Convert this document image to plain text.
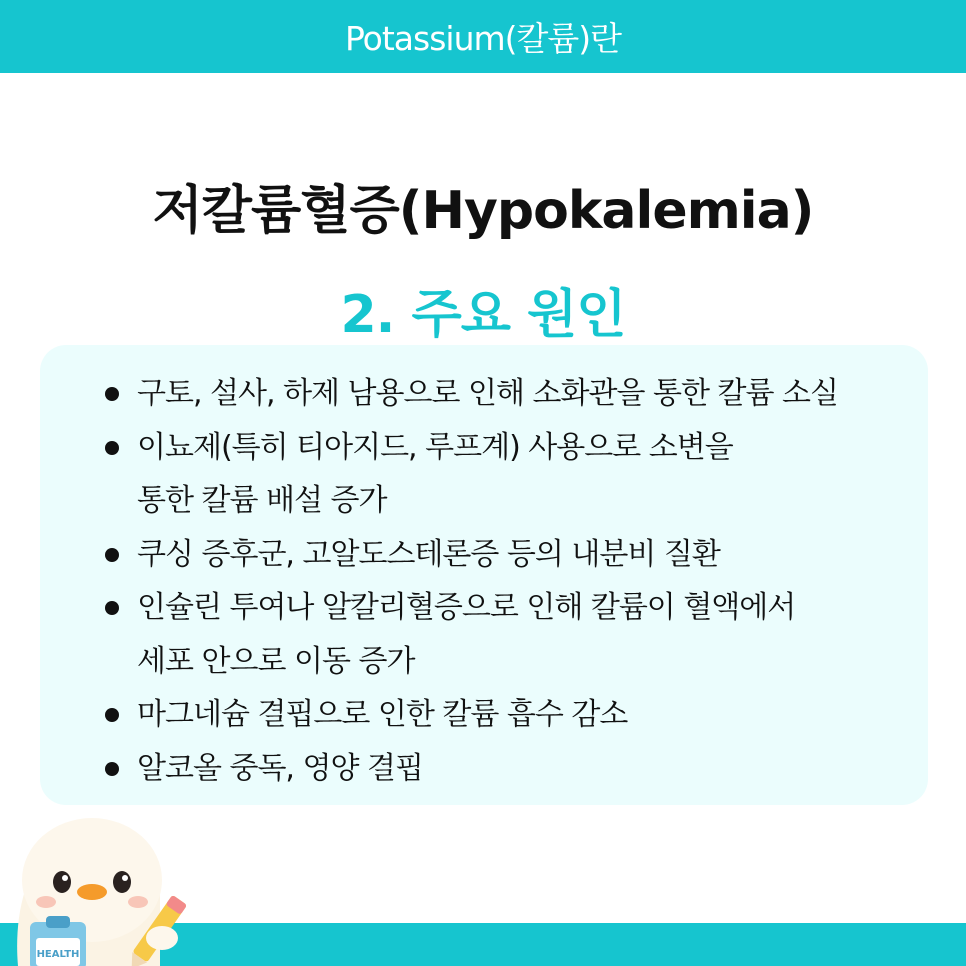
Potassium(칼륨)란
저칼륨혈증(Hypokalemia)
2. 주요 원인
구토, 설사, 하제 남용으로 인해 소화관을 통한 칼륨 소실
이뇨제(특히 티아지드, 루프계) 사용으로 소변을
통한 칼륨 배설 증가
쿠싱 증후군, 고알도스테론증 등의 내분비 질환
인슐린 투여나 알칼리혈증으로 인해 칼륨이 혈액에서
세포 안으로 이동 증가
마그네슘 결핍으로 인한 칼륨 흡수 감소
알코올 중독, 영양 결핍
HEALTH
